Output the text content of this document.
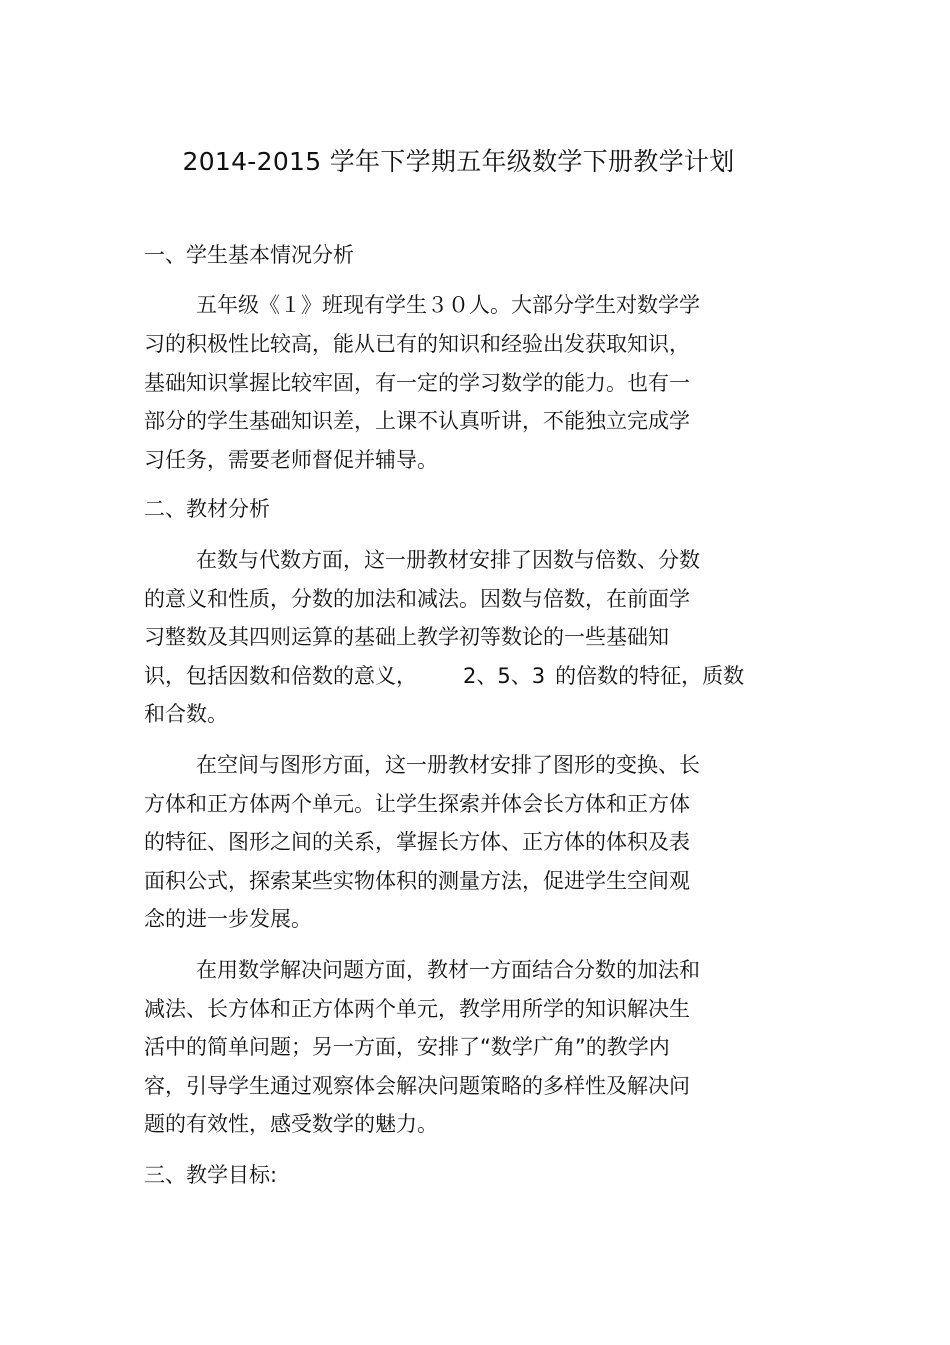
2014-2015 学年下学期五年级数学下册教学计划
一、学生基本情况分析
五年级《１》班现有学生３０人。大部分学生对数学学
习的积极性比较高，能从已有的知识和经验出发获取知识，
基础知识掌握比较牢固，有一定的学习数学的能力。也有一
部分的学生基础知识差，上课不认真听讲，不能独立完成学
习任务，需要老师督促并辅导。
二、教材分析
在数与代数方面，这一册教材安排了因数与倍数、分数
的意义和性质，分数的加法和减法。因数与倍数，在前面学
习整数及其四则运算的基础上教学初等数论的一些基础知
识，包括因数和倍数的意义， 2、5、3 的倍数的特征，质数
和合数。
在空间与图形方面，这一册教材安排了图形的变换、长
方体和正方体两个单元。让学生探索并体会长方体和正方体
的特征、图形之间的关系，掌握长方体、正方体的体积及表
面积公式，探索某些实物体积的测量方法，促进学生空间观
念的进一步发展。
在用数学解决问题方面，教材一方面结合分数的加法和
减法、长方体和正方体两个单元，教学用所学的知识解决生
活中的简单问题；另一方面，安排了“数学广角”的教学内
容，引导学生通过观察体会解决问题策略的多样性及解决问
题的有效性，感受数学的魅力。
三、教学目标:
